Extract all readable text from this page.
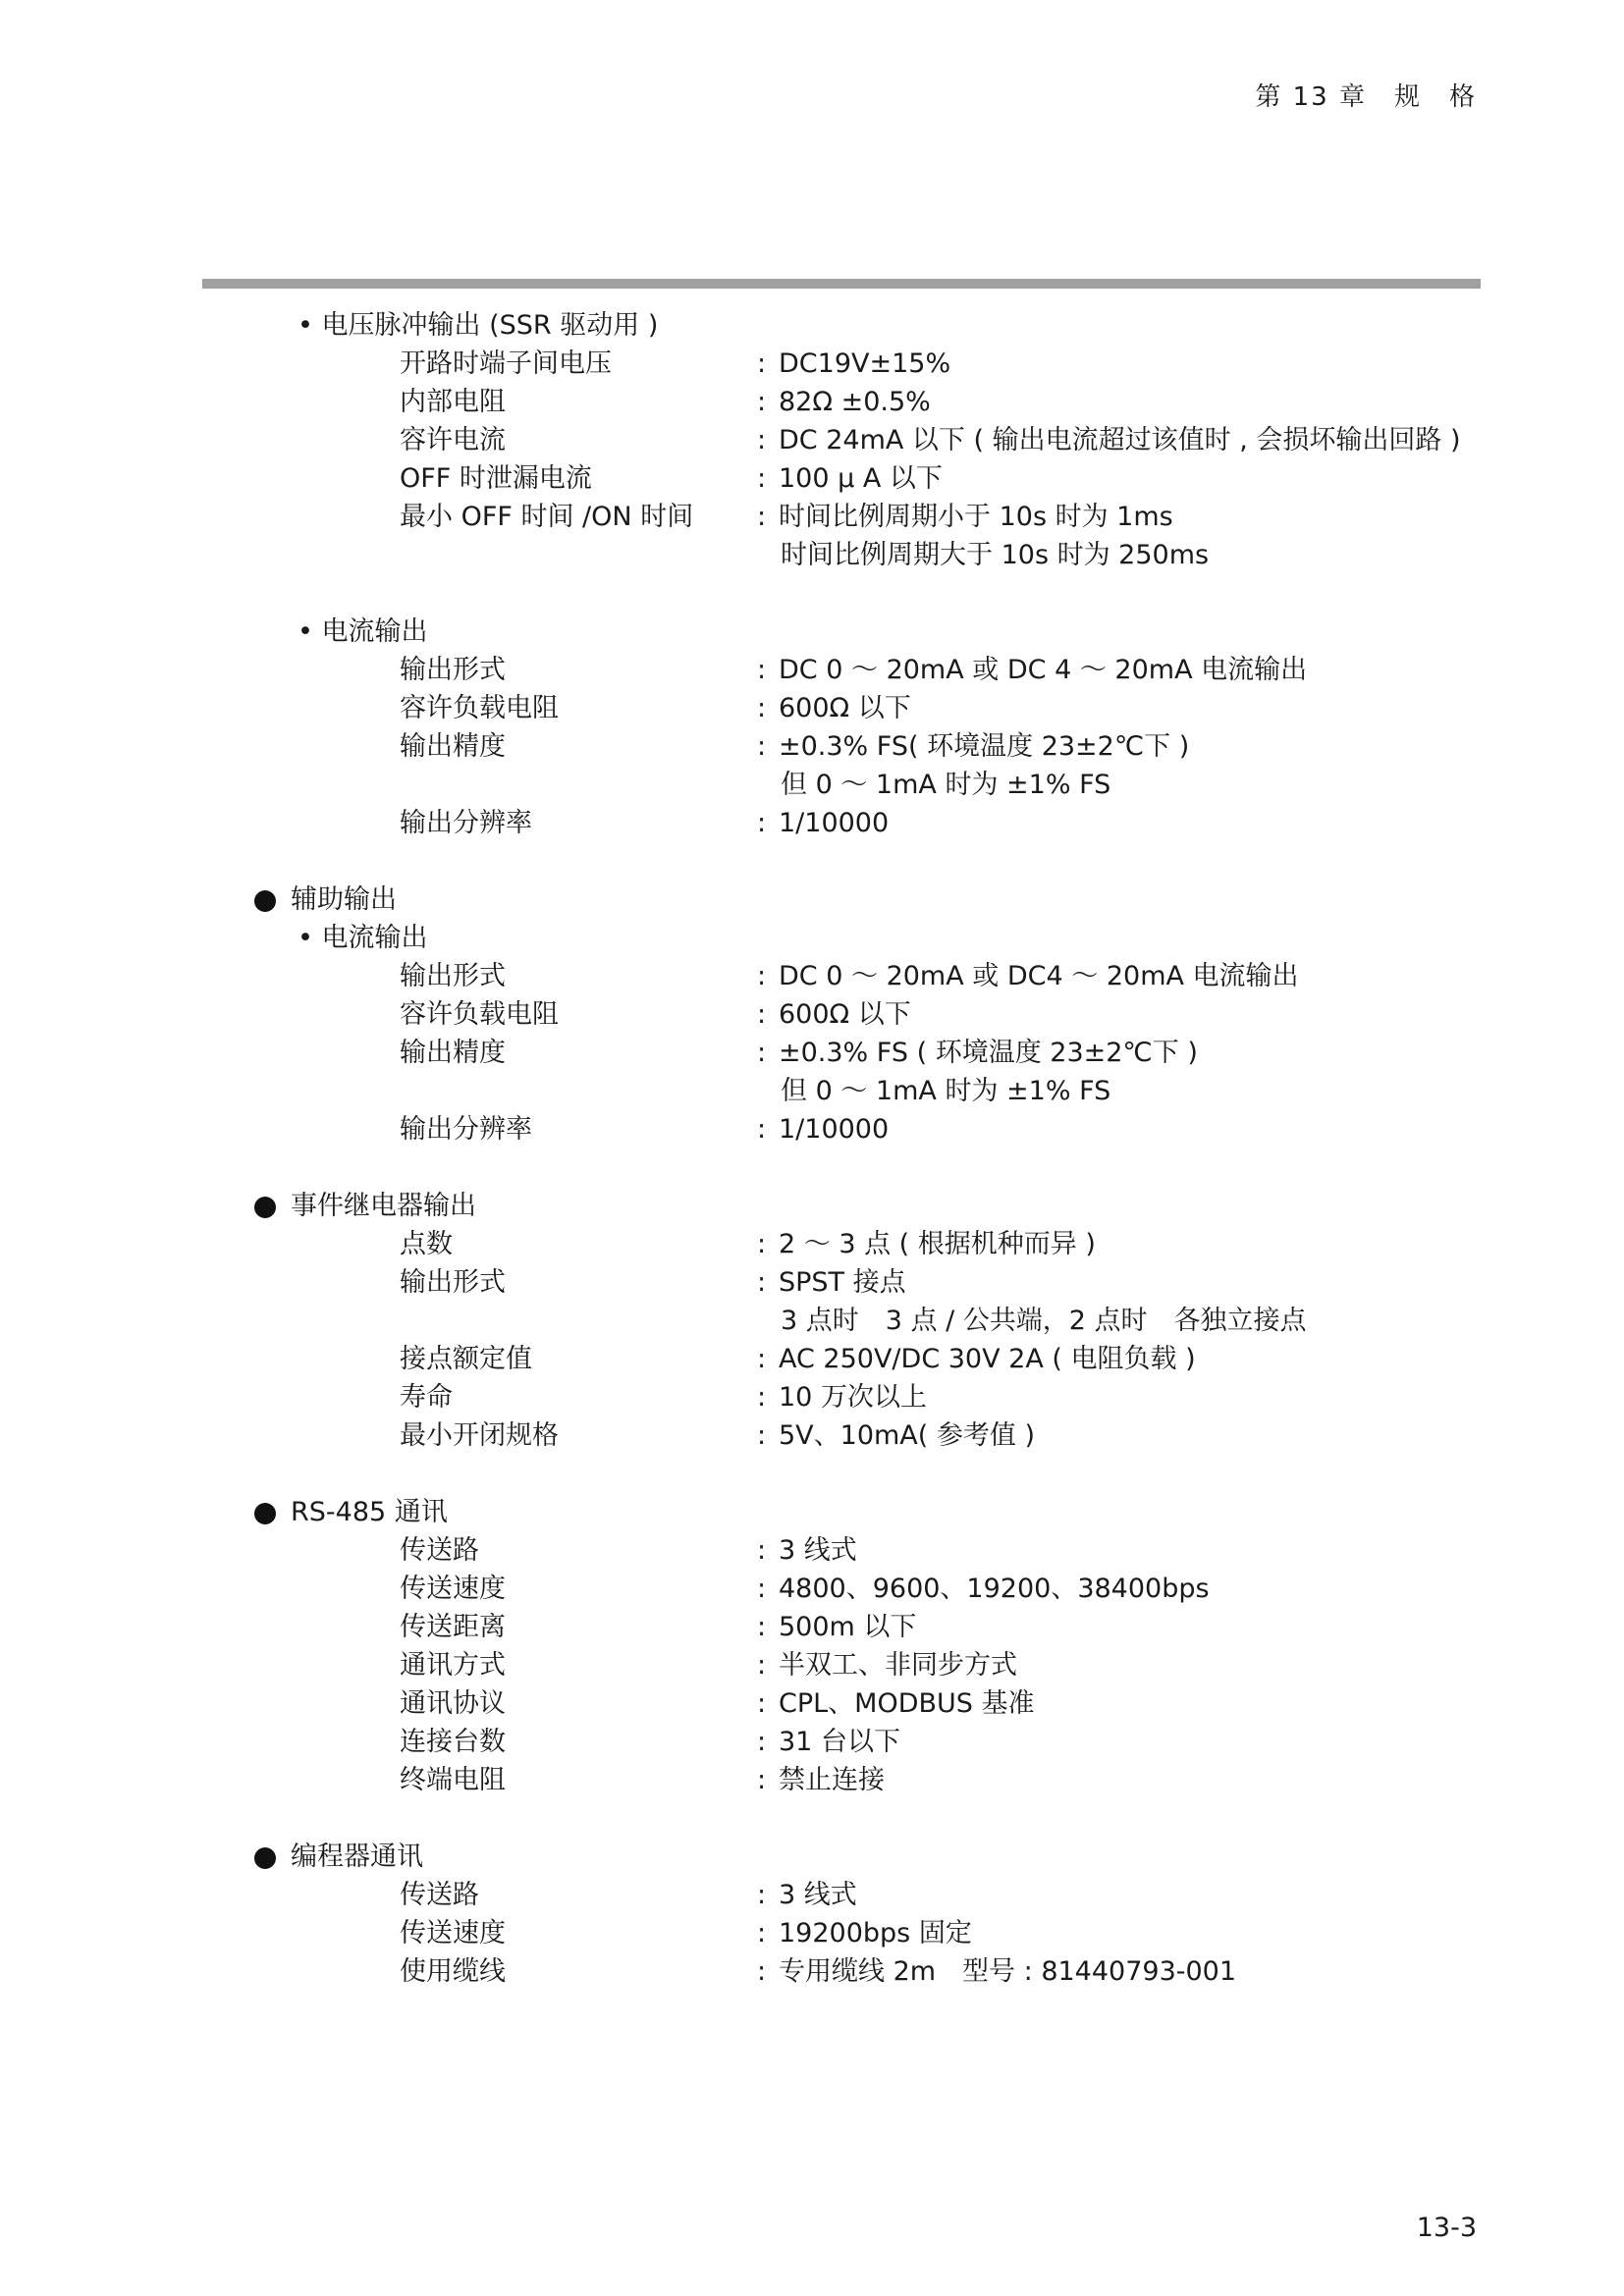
第 13 章　规　格
• 电压脉冲输出 (SSR 驱动用 )
开路时端子间电压	: DC19V±15%
内部电阻	: 82Ω ±0.5%
容许电流	: DC 24mA 以下 ( 输出电流超过该值时 , 会损坏输出回路 )
OFF 时泄漏电流	: 100 μ A 以下
最小 OFF 时间 /ON 时间 : 时间比例周期小于 10s 时为 1ms
时间比例周期大于 10s 时为 250ms
• 电流输出
输出形式	: DC 0 ～ 20mA 或 DC 4 ～ 20mA 电流输出
容许负载电阻	: 600Ω 以下
输出精度	: ±0.3% FS( 环境温度 23±2℃下 )
但 0 ～ 1mA 时为 ±1% FS
输出分辨率	: 1/10000
辅助输出
• 电流输出
输出形式	: DC 0 ～ 20mA 或 DC4 ～ 20mA 电流输出
容许负载电阻	: 600Ω 以下
输出精度	: ±0.3% FS ( 环境温度 23±2℃下 )
但 0 ～ 1mA 时为 ±1% FS
输出分辨率	: 1/10000
事件继电器输出
点数	: 2 ～ 3 点 ( 根据机种而异 )
输出形式	: SPST 接点
3 点时　3 点 / 公共端，2 点时　各独立接点
接点额定值	: AC 250V/DC 30V 2A ( 电阻负载 )
寿命	: 10 万次以上
最小开闭规格	: 5V、10mA( 参考值 )
RS-485 通讯
传送路	: 3 线式
传送速度	: 4800、9600、19200、38400bps
传送距离	: 500m 以下
通讯方式	: 半双工、非同步方式
通讯协议	: CPL、MODBUS 基准
连接台数	: 31 台以下
终端电阻	: 禁止连接
编程器通讯
传送路	: 3 线式
传送速度	: 19200bps 固定
使用缆线	: 专用缆线 2m　型号 : 81440793-001
13-3
